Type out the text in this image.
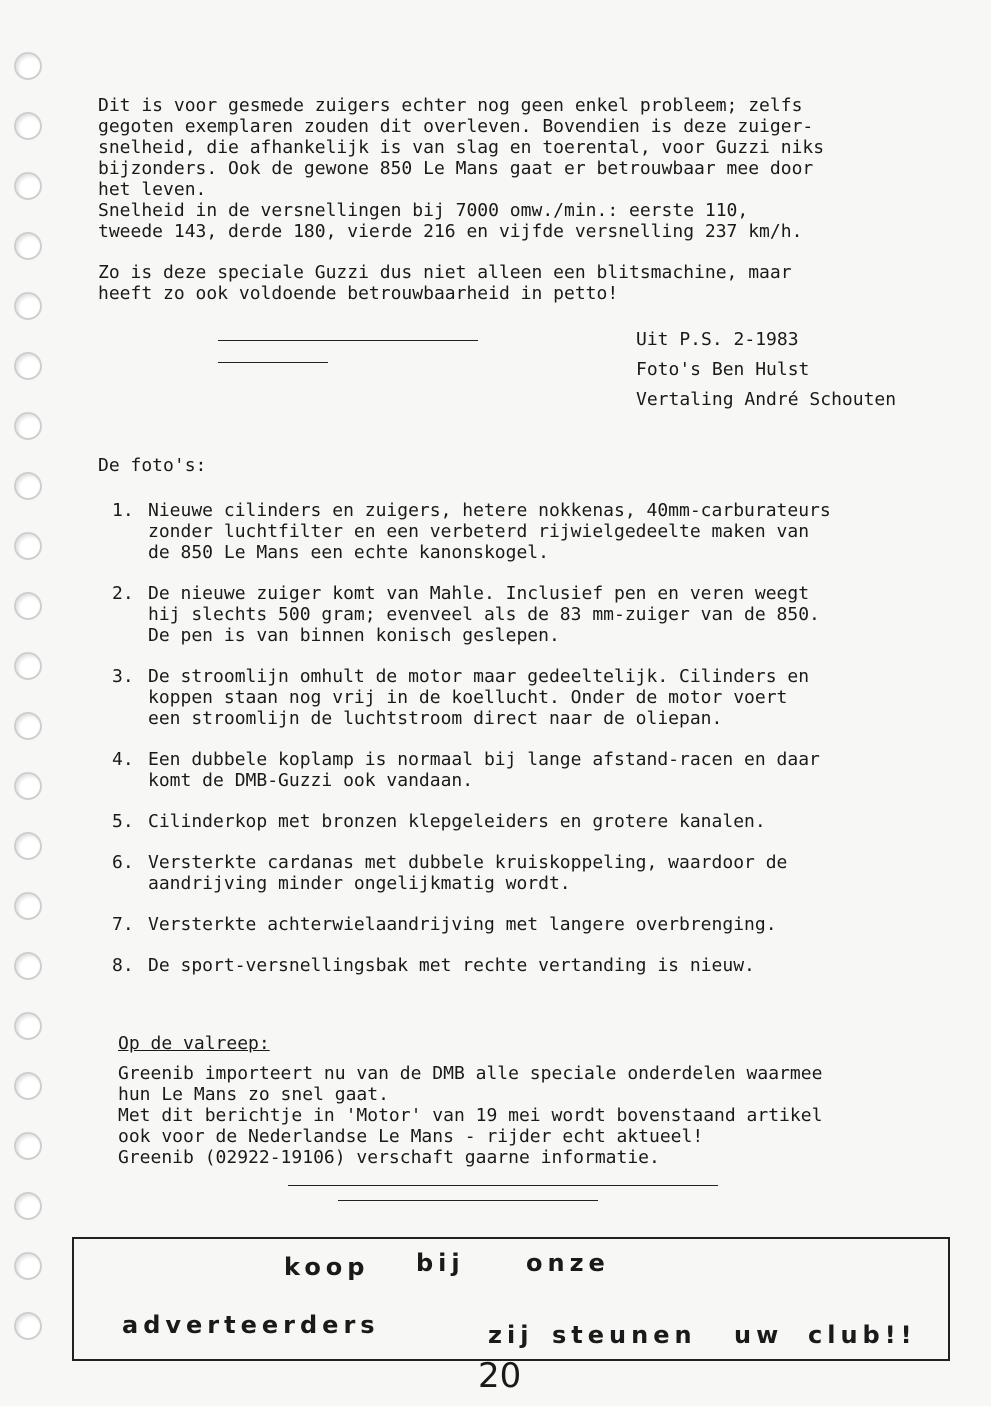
Dit is voor gesmede zuigers echter nog geen enkel probleem; zelfs

gegoten exemplaren zouden dit overleven. Bovendien is deze zuiger-

snelheid, die afhankelijk is van slag en toerental, voor Guzzi niks

bijzonders. Ook de gewone 850 Le Mans gaat er betrouwbaar mee door

het leven.

Snelheid in de versnellingen bij 7000 omw./min.: eerste 110,

tweede 143, derde 180, vierde 216 en vijfde versnelling 237 km/h.

Zo is deze speciale Guzzi dus niet alleen een blitsmachine, maar

heeft zo ook voldoende betrouwbaarheid in petto!

Uit P.S. 2-1983
Foto's Ben Hulst
Vertaling André Schouten

De foto's:

1. Nieuwe cilinders en zuigers, hetere nokkenas, 40mm-carburateurs
zonder luchtfilter en een verbeterd rijwielgedeelte maken van
de 850 Le Mans een echte kanonskogel.
2. De nieuwe zuiger komt van Mahle. Inclusief pen en veren weegt
hij slechts 500 gram; evenveel als de 83 mm-zuiger van de 850.
De pen is van binnen konisch geslepen.
3. De stroomlijn omhult de motor maar gedeeltelijk. Cilinders en
koppen staan nog vrij in de koellucht. Onder de motor voert
een stroomlijn de luchtstroom direct naar de oliepan.
4. Een dubbele koplamp is normaal bij lange afstand-racen en daar
komt de DMB-Guzzi ook vandaan.
5. Cilinderkop met bronzen klepgeleiders en grotere kanalen.
6. Versterkte cardanas met dubbele kruiskoppeling, waardoor de
aandrijving minder ongelijkmatig wordt.
7. Versterkte achterwielaandrijving met langere overbrenging.
8. De sport-versnellingsbak met rechte vertanding is nieuw.

Op de valreep:

Greenib importeert nu van de DMB alle speciale onderdelen waarmee

hun Le Mans zo snel gaat.

Met dit berichtje in 'Motor' van 19 mei wordt bovenstaand artikel

ook voor de Nederlandse Le Mans - rijder echt aktueel!

Greenib (02922-19106) verschaft gaarne informatie.

koop bij	onze
adverteerders	zij steunen uw club!!
20
